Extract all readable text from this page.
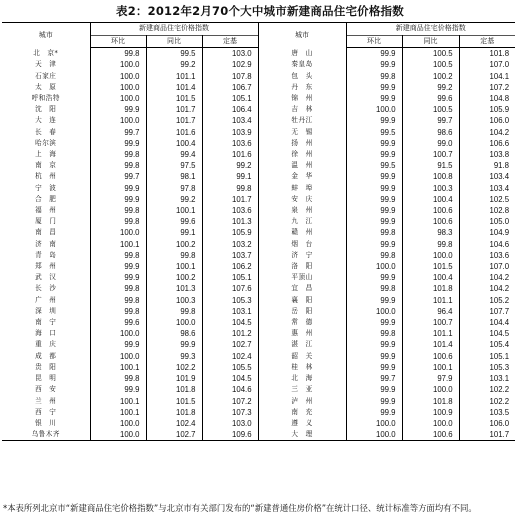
表2：2012年2月70个大中城市新建商品住宅价格指数
城市	新建商品住宅价格指数			城市	新建商品住宅价格指数		
	环比	同比	定基		环比	同比	定基
北　京*	99.8	99.5	103.0	唐　山	99.9	100.5	101.8
天　津	100.0	99.2	102.9	秦皇岛	99.9	100.5	107.0
石家庄	100.0	101.1	107.8	包　头	99.8	100.2	104.1
太　原	100.0	101.4	106.7	丹　东	99.9	99.2	107.2
呼和浩特	100.0	101.5	105.1	锦　州	99.9	99.6	104.8
沈　阳	99.9	101.7	106.4	吉　林	100.0	100.5	105.9
大　连	100.0	101.7	103.4	牡丹江	99.9	99.7	106.0
长　春	99.7	101.6	103.9	无　锡	99.5	98.6	104.2
哈尔滨	99.9	100.4	103.6	扬　州	99.9	99.0	106.6
上　海	99.8	99.4	101.6	徐　州	99.9	100.7	103.8
南　京	99.8	97.5	99.2	温　州	99.5	91.5	91.8
杭　州	99.7	98.1	99.1	金　华	99.9	100.8	103.4
宁　波	99.9	97.8	99.8	蚌　埠	99.9	100.3	103.4
合　肥	99.9	99.2	101.7	安　庆	99.9	100.4	102.5
福　州	99.8	100.1	103.6	泉　州	99.9	100.6	102.8
厦　门	99.8	99.6	101.3	九　江	99.9	100.6	105.0
南　昌	100.0	99.1	105.9	赣　州	99.8	98.3	104.9
济　南	100.1	100.2	103.2	烟　台	99.9	99.8	104.6
青　岛	99.8	99.8	103.7	济　宁	99.8	100.0	103.6
郑　州	99.9	100.1	106.2	洛　阳	100.0	101.5	107.0
武　汉	99.9	100.2	105.1	平顶山	99.9	100.4	104.2
长　沙	99.8	101.3	107.6	宜　昌	99.8	101.8	104.2
广　州	99.8	100.3	105.3	襄　阳	99.9	101.1	105.2
深　圳	99.8	99.8	103.1	岳　阳	100.0	96.4	107.7
南　宁	99.6	100.0	104.5	常　德	99.9	100.7	104.4
海　口	100.0	98.6	101.2	惠　州	99.8	101.1	104.5
重　庆	99.9	99.9	102.7	湛　江	99.9	101.4	105.4
成　都	100.0	99.3	102.4	韶　关	99.9	100.6	105.1
贵　阳	100.1	102.2	105.5	桂　林	99.9	100.1	105.3
昆　明	99.8	101.9	104.5	北　海	99.7	97.9	103.1
西　安	99.9	101.8	104.6	三　亚	99.9	100.0	102.2
兰　州	100.1	101.5	107.2	泸　州	99.9	101.8	102.2
西　宁	100.1	101.8	107.3	南　充	99.9	100.9	103.5
银　川	100.0	102.4	103.0	遵　义	100.0	100.0	106.0
乌鲁木齐	100.0	102.7	109.6	大　理	100.0	100.6	101.7
*本表所列北京市“新建商品住宅价格指数”与北京市有关部门发布的“新建普通住房价格”在统计口径、统计标准等方面均有不同。
